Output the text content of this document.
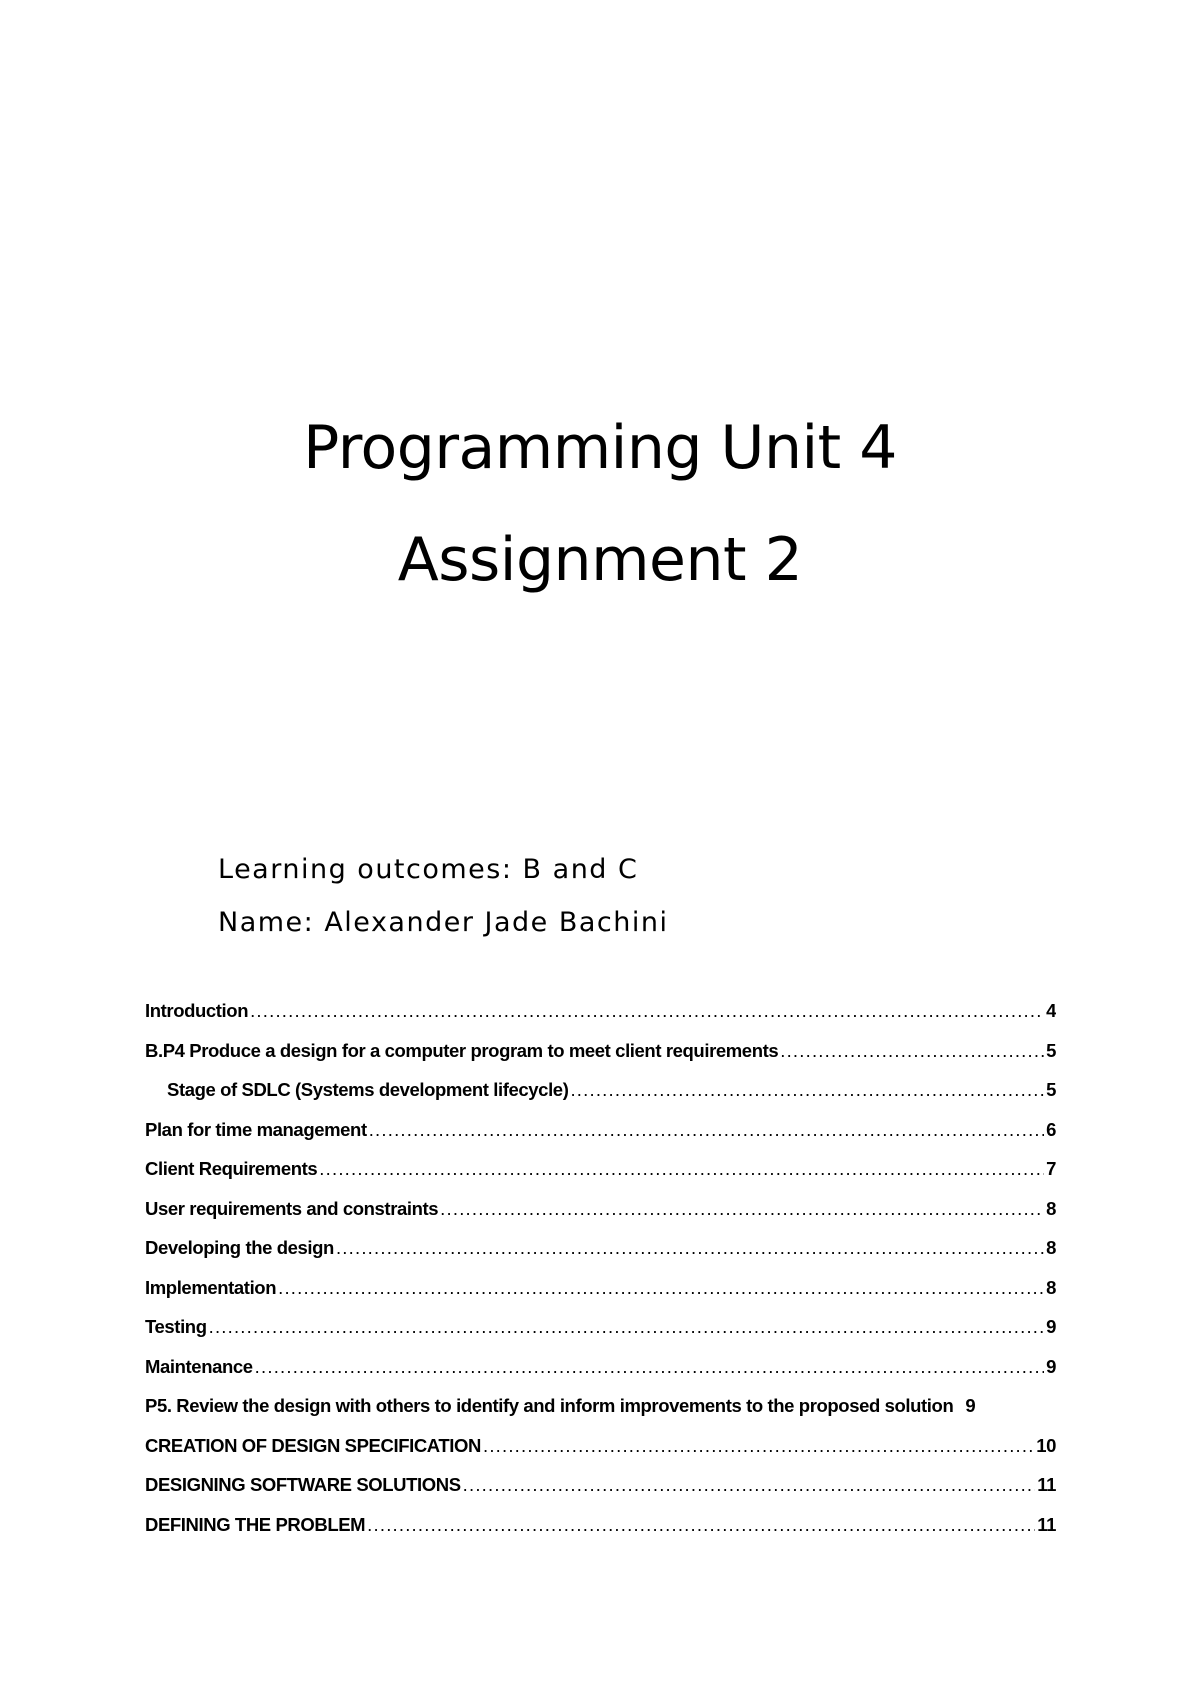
Programming Unit 4

Assignment 2

Learning outcomes: B and C

Name: Alexander Jade Bachini

Introduction .....	4
B.P4 Produce a design for a computer program to meet client requirements .....	5
Stage of SDLC (Systems development lifecycle) .....	5
Plan for time management .....	6
Client Requirements .....	7
User requirements and constraints .....	8
Developing the design .....	8
Implementation .....	8
Testing .....	9
Maintenance .....	9
P5. Review the design with others to identify and inform improvements to the proposed solution 9
CREATION OF DESIGN SPECIFICATION .....	10
DESIGNING SOFTWARE SOLUTIONS .....	11
DEFINING THE PROBLEM .....	11
